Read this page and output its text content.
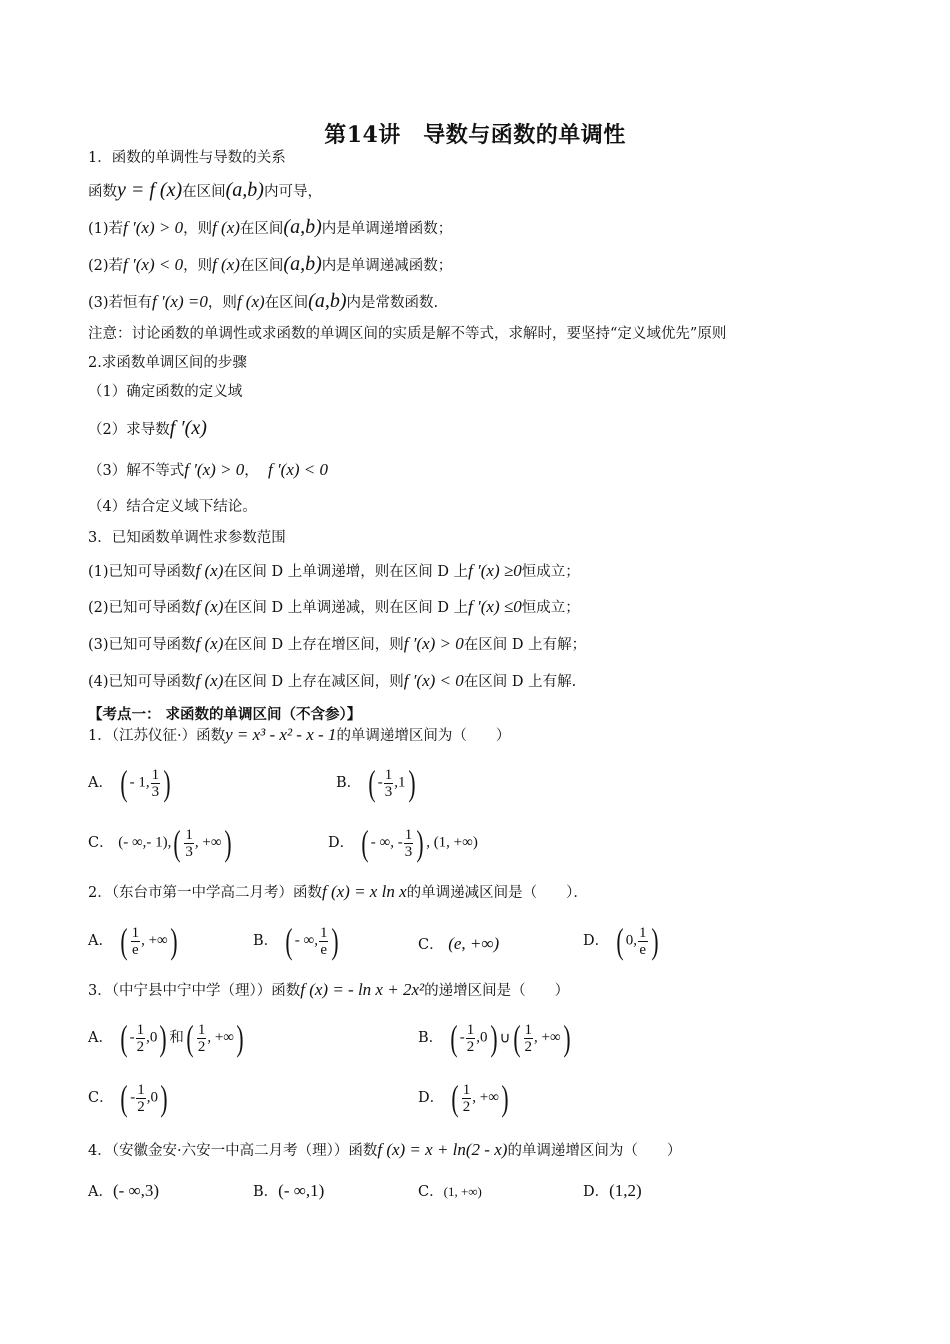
第14讲　导数与函数的单调性
1．函数的单调性与导数的关系
函数y = f (x)在区间(a,b)内可导，
(1)若f ′(x) > 0，则f (x)在区间(a,b)内是单调递增函数；
(2)若f ′(x) < 0，则f (x)在区间(a,b)内是单调递减函数；
(3)若恒有f ′(x) =0，则f (x)在区间(a,b)内是常数函数.
注意：讨论函数的单调性或求函数的单调区间的实质是解不等式，求解时，要坚持“定义域优先”原则
2.求函数单调区间的步骤
（1）确定函数的定义域
（2）求导数f ′(x)
（3）解不等式f ′(x) > 0， f ′(x) < 0
（4）结合定义域下结论。
3．已知函数单调性求参数范围
(1)已知可导函数f (x)在区间 D 上单调递增，则在区间 D 上f ′(x) ≥0恒成立；
(2)已知可导函数f (x)在区间 D 上单调递减，则在区间 D 上f ′(x) ≤0恒成立；
(3)已知可导函数f (x)在区间 D 上存在增区间，则f ′(x) > 0在区间 D 上有解；
(4)已知可导函数f (x)在区间 D 上存在减区间，则f ′(x) < 0在区间 D 上有解.
【考点一： 求函数的单调区间（不含参）】
1．（江苏仪征·）函数y = x³ - x² - x - 1的单调递增区间为（　　）
A． ( - 1, $\frac{1}{3}$ )	B． ( - $\frac{1}{3} ,1$)
C． (- ∞,- $1),( \frac{1}{3}$ , +∞)	D． ( - ∞, - $\frac{1}{3}$ ) , (1, +∞)
2．（东台市第一中学高二月考）函数f (x) = x ln x的单调递减区间是（　　）．
A． ( $\frac{1}{e}$ , +∞)	B． ( - ∞, $\frac{1}{e}$ )	C． (e, +∞)	D． ( 0, $\frac{1}{e}$ )
3．（中宁县中宁中学（理））函数f (x) = - ln x + 2x²的递增区间是（　　）
A． ( - $\frac{1}{2} ,0$) 和( $\frac{1}{2}$ , +∞)	B． ( - $\frac{1}{2} ,0$) ∪( $\frac{1}{2}$ , +∞)
C． ( - $\frac{1}{2} ,0$)	D． ( $\frac{1}{2}$ , +∞)
4．（安徽金安·六安一中高二月考（理））函数f (x) = x + ln(2 - x)的单调递增区间为（　　）
A．(- ∞,3)	B．(- ∞,1)	C．(1, +∞)	D．(1,2)
